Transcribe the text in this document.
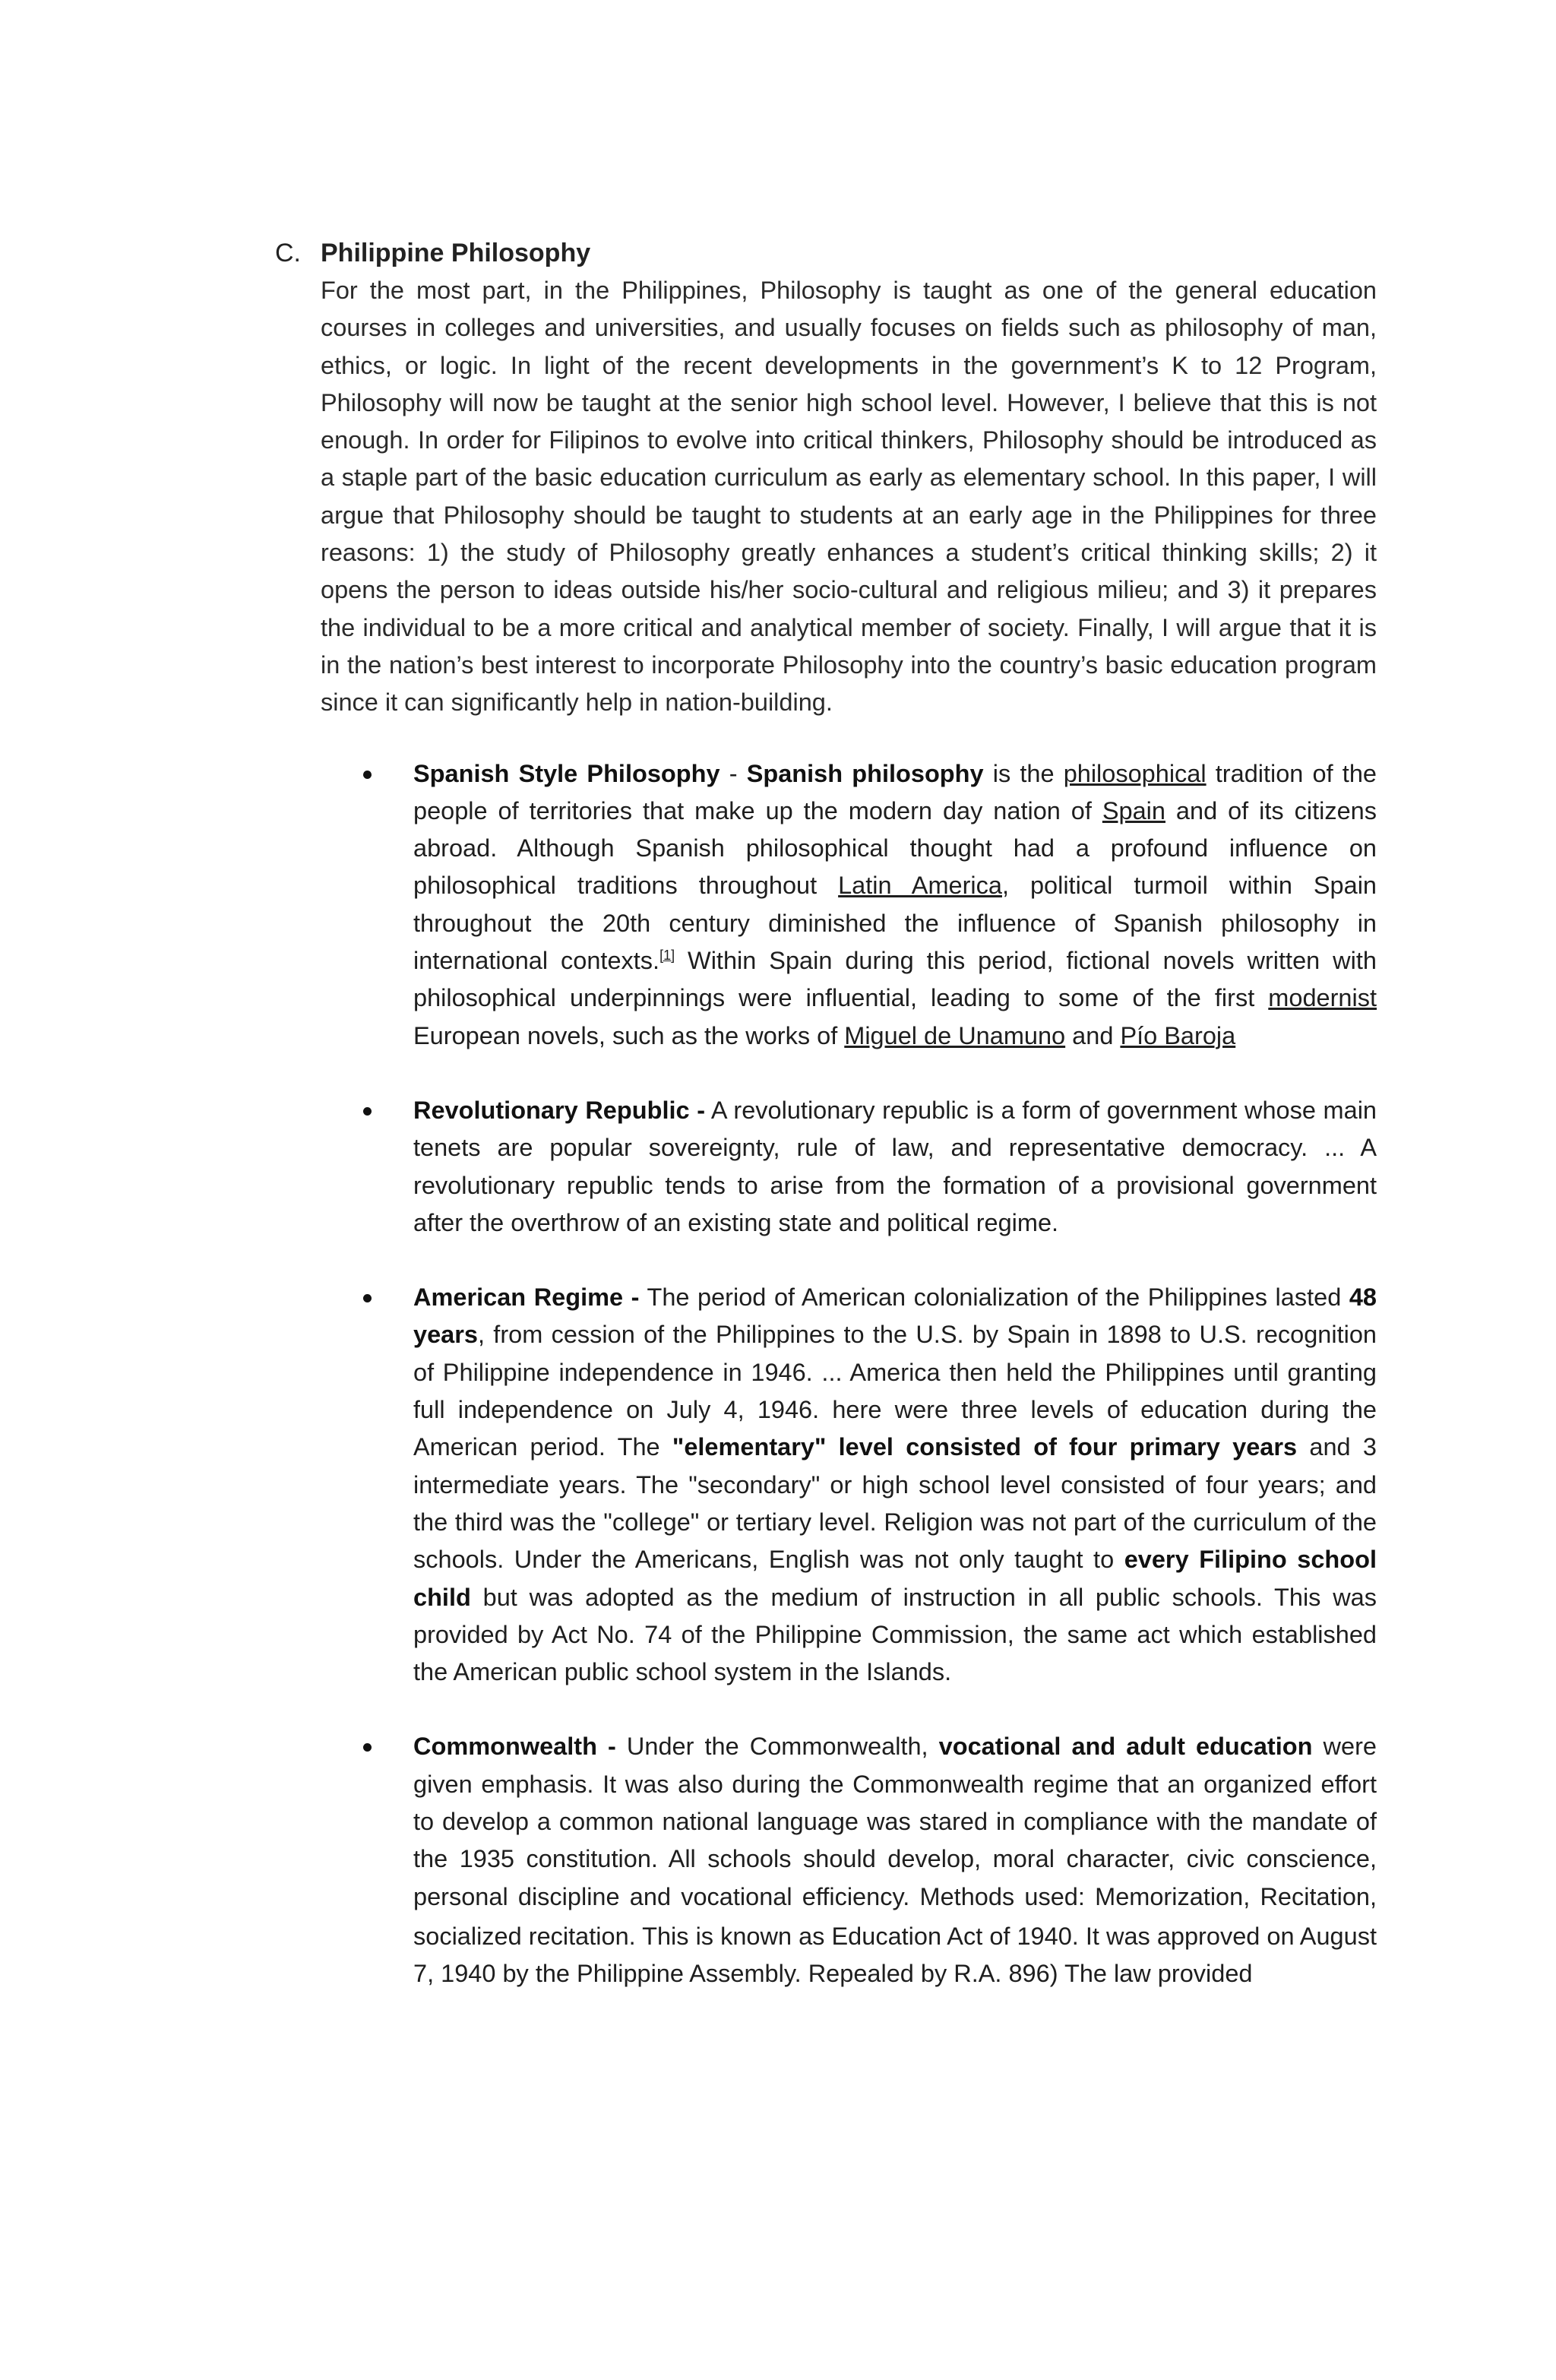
C. Philippine Philosophy

For the most part, in the Philippines, Philosophy is taught as one of the general education courses in colleges and universities, and usually focuses on fields such as philosophy of man, ethics, or logic. In light of the recent developments in the government’s K to 12 Program, Philosophy will now be taught at the senior high school level. However, I believe that this is not enough. In order for Filipinos to evolve into critical thinkers, Philosophy should be introduced as a staple part of the basic education curriculum as early as elementary school. In this paper, I will argue that Philosophy should be taught to students at an early age in the Philippines for three reasons: 1) the study of Philosophy greatly enhances a student’s critical thinking skills; 2) it opens the person to ideas outside his/her socio-cultural and religious milieu; and 3) it prepares the individual to be a more critical and analytical member of society. Finally, I will argue that it is in the nation’s best interest to incorporate Philosophy into the country’s basic education program since it can significantly help in nation-building.

Spanish Style Philosophy - Spanish philosophy is the philosophical tradition of the people of territories that make up the modern day nation of Spain and of its citizens abroad. Although Spanish philosophical thought had a profound influence on philosophical traditions throughout Latin America, political turmoil within Spain throughout the 20th century diminished the influence of Spanish philosophy in international contexts.[1] Within Spain during this period, fictional novels written with philosophical underpinnings were influential, leading to some of the first modernist European novels, such as the works of Miguel de Unamuno and Pío Baroja
Revolutionary Republic - A revolutionary republic is a form of government whose main tenets are popular sovereignty, rule of law, and representative democracy. ... A revolutionary republic tends to arise from the formation of a provisional government after the overthrow of an existing state and political regime.
American Regime - The period of American colonialization of the Philippines lasted 48 years, from cession of the Philippines to the U.S. by Spain in 1898 to U.S. recognition of Philippine independence in 1946. ... America then held the Philippines until granting full independence on July 4, 1946. here were three levels of education during the American period. The "elementary" level consisted of four primary years and 3 intermediate years. The "secondary" or high school level consisted of four years; and the third was the "college" or tertiary level. Religion was not part of the curriculum of the schools. Under the Americans, English was not only taught to every Filipino school child but was adopted as the medium of instruction in all public schools. This was provided by Act No. 74 of the Philippine Commission, the same act which established the American public school system in the Islands.
Commonwealth - Under the Commonwealth, vocational and adult education were given emphasis. It was also during the Commonwealth regime that an organized effort to develop a common national language was stared in compliance with the mandate of the 1935 constitution. All schools should develop, moral character, civic conscience, personal discipline and vocational efficiency. Methods used: Memorization, Recitation, socialized recitation. This is known as Education Act of 1940. It was approved on August 7, 1940 by the Philippine Assembly. Repealed by R.A. 896) The law provided
